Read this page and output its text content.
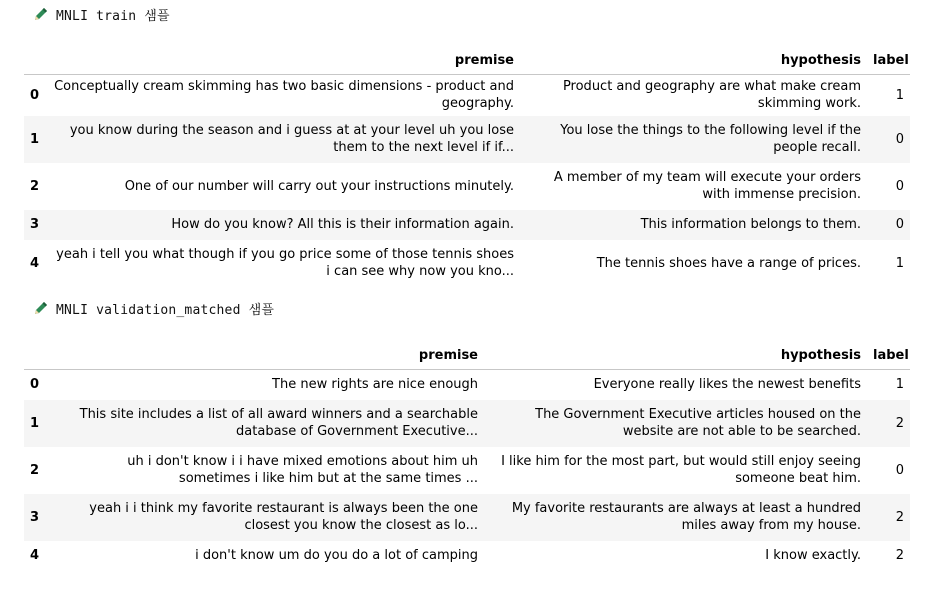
MNLI train 샘플
	premise	hypothesis	label
0	Conceptually cream skimming has two basic dimensions - product and geography.	Product and geography are what make cream skimming work.	1
1	you know during the season and i guess at at your level uh you lose them to the next level if if...	You lose the things to the following level if the people recall.	0
2	One of our number will carry out your instructions minutely.	A member of my team will execute your orders with immense precision.	0
3	How do you know? All this is their information again.	This information belongs to them.	0
4	yeah i tell you what though if you go price some of those tennis shoes i can see why now you kno...	The tennis shoes have a range of prices.	1
MNLI validation_matched 샘플
	premise	hypothesis	label
0	The new rights are nice enough	Everyone really likes the newest benefits	1
1	This site includes a list of all award winners and a searchable database of Government Executive...	The Government Executive articles housed on the website are not able to be searched.	2
2	uh i don't know i i have mixed emotions about him uh sometimes i like him but at the same times ...	I like him for the most part, but would still enjoy seeing someone beat him.	0
3	yeah i i think my favorite restaurant is always been the one closest you know the closest as lo...	My favorite restaurants are always at least a hundred miles away from my house.	2
4	i don't know um do you do a lot of camping	I know exactly.	2
